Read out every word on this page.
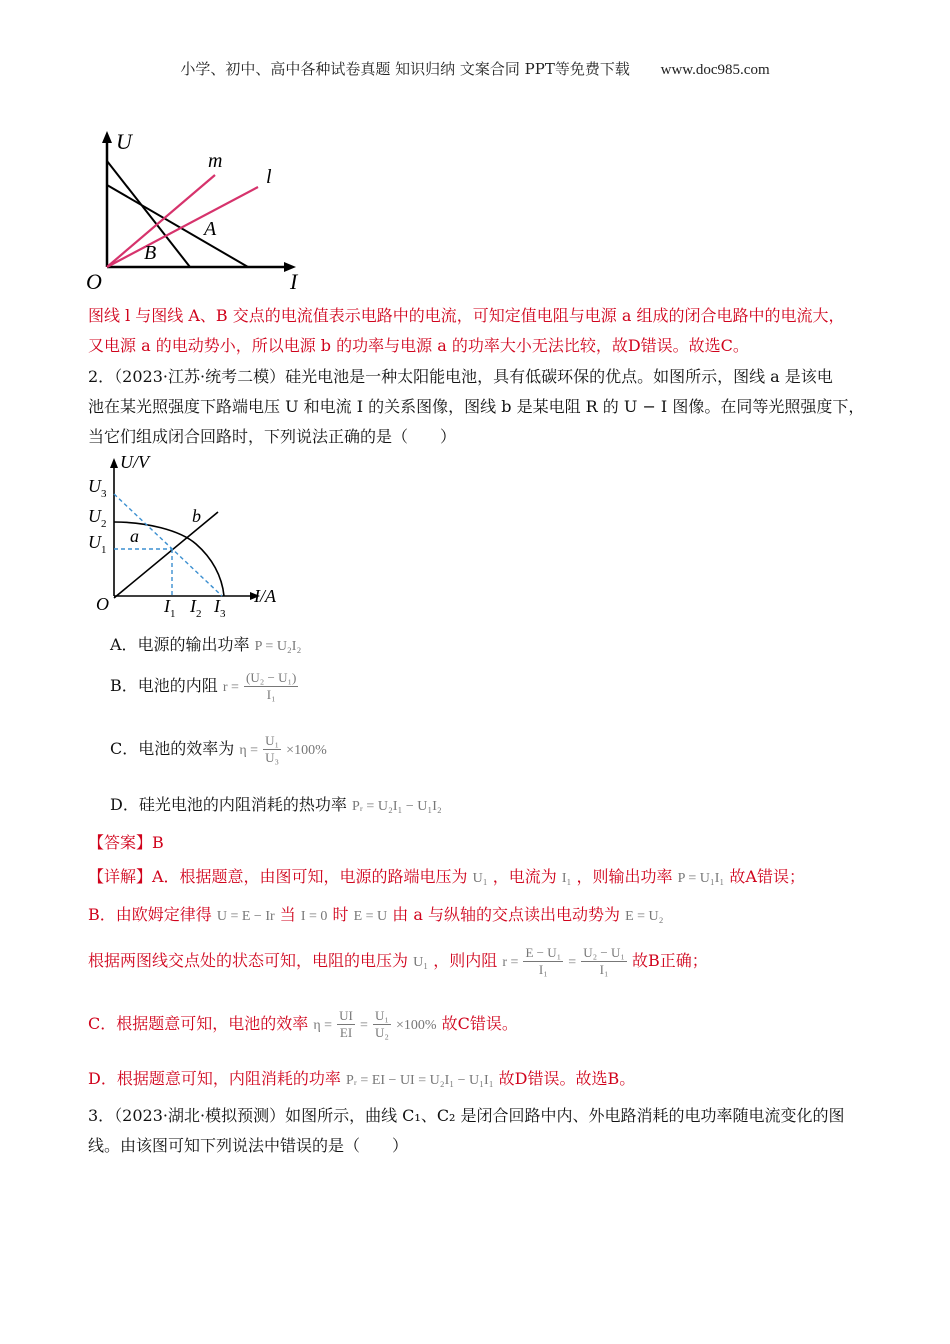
小学、初中、高中各种试卷真题 知识归纳 文案合同 PPT等免费下载 www.doc985.com
U
m
l
A
B
O	I
图线 l 与图线 A、B 交点的电流值表示电路中的电流，可知定值电阻与电源 a 组成的闭合电路中的电流大，
又电源 a 的电动势小，所以电源 b 的功率与电源 a 的功率大小无法比较，故D错误。故选C。
2．（2023·江苏·统考二模）硅光电池是一种太阳能电池，具有低碳环保的优点。如图所示，图线 a 是该电
池在某光照强度下路端电压 U 和电流 I 的关系图像，图线 b 是某电阻 R 的 U − I 图像。在同等光照强度下，
当它们组成闭合回路时，下列说法正确的是（　　）
U/V
$U_3$
$U_2$
$U_1$
a
b
O	$I_1$ $I_2$ $I_3$
I/A
A．电源的输出功率 P = U₂I₂
B．电池的内阻 $r = \frac{\text{(U₂ − U₁)}}{\text{I₁}}$
C．电池的效率为 $\eta = \frac{\text{U₁}}{\text{U₃}} \times 100\%$
D．硅光电池的内阻消耗的热功率 Pᵣ = U₂I₁ − U₁I₂
【答案】B
【详解】A．根据题意，由图可知，电源的路端电压为 U₁ ，电流为 I₁ ，则输出功率 P = U₁I₁ 故A错误；
B．由欧姆定律得 U = E − Ir 当 I = 0 时 E = U 由 a 与纵轴的交点读出电动势为 E = U₂
根据两图线交点处的状态可知，电阻的电压为 U₁ ，则内阻 $r = \frac{\text{E − U₁}}{\text{I₁}} = \frac{\text{U₂ − U₁}}{\text{I₁}}$ 故B正确；
C．根据题意可知，电池的效率 $\eta = \frac{UI}{EI} = \frac{\text{U₁}}{\text{U₂}} \times 100\%$ 故C错误。
D．根据题意可知，内阻消耗的功率 Pᵣ = EI − UI = U₂I₁ − U₁I₁ 故D错误。故选B。
3．（2023·湖北·模拟预测）如图所示，曲线 C₁、C₂ 是闭合回路中内、外电路消耗的电功率随电流变化的图
线。由该图可知下列说法中错误的是（　　）
